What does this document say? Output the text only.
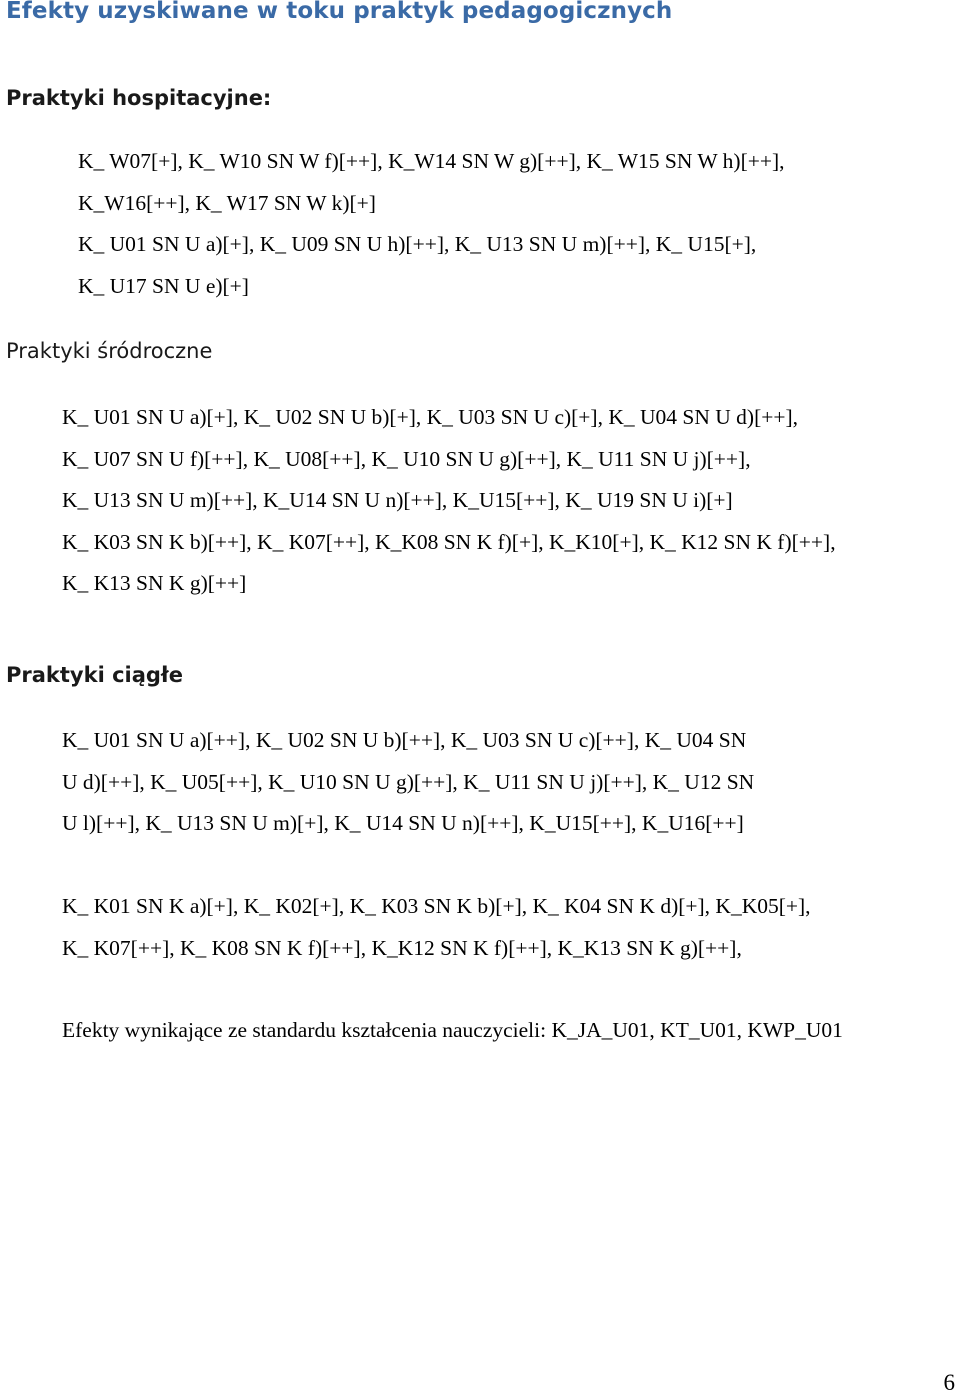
Efekty uzyskiwane w toku praktyk pedagogicznych
Praktyki hospitacyjne:

K_ W07[+], K_ W10 SN W f)[++], K_W14 SN W g)[++], K_ W15 SN W h)[++],

K_W16[++], K_ W17 SN W k)[+]

K_ U01 SN U a)[+], K_ U09 SN U h)[++], K_ U13 SN U m)[++], K_ U15[+],

K_ U17 SN U e)[+]

Praktyki śródroczne

K_ U01 SN U a)[+], K_ U02 SN U b)[+], K_ U03 SN U c)[+], K_ U04 SN U d)[++],

K_ U07 SN U f)[++], K_ U08[++], K_ U10 SN U g)[++], K_ U11 SN U j)[++],

K_ U13 SN U m)[++], K_U14 SN U n)[++], K_U15[++], K_ U19 SN U i)[+]

K_ K03 SN K b)[++], K_ K07[++], K_K08 SN K f)[+], K_K10[+], K_ K12 SN K f)[++],

K_ K13 SN K g)[++]

Praktyki ciągłe

K_ U01 SN U a)[++], K_ U02 SN U b)[++], K_ U03 SN U c)[++], K_ U04 SN

U d)[++], K_ U05[++], K_ U10 SN U g)[++], K_ U11 SN U j)[++], K_ U12 SN

U l)[++], K_ U13 SN U m)[+], K_ U14 SN U n)[++], K_U15[++], K_U16[++]

K_ K01 SN K a)[+], K_ K02[+], K_ K03 SN K b)[+], K_ K04 SN K d)[+], K_K05[+],

K_ K07[++], K_ K08 SN K f)[++], K_K12 SN K f)[++], K_K13 SN K g)[++],

Efekty wynikające ze standardu kształcenia nauczycieli: K_JA_U01, KT_U01, KWP_U01

6
